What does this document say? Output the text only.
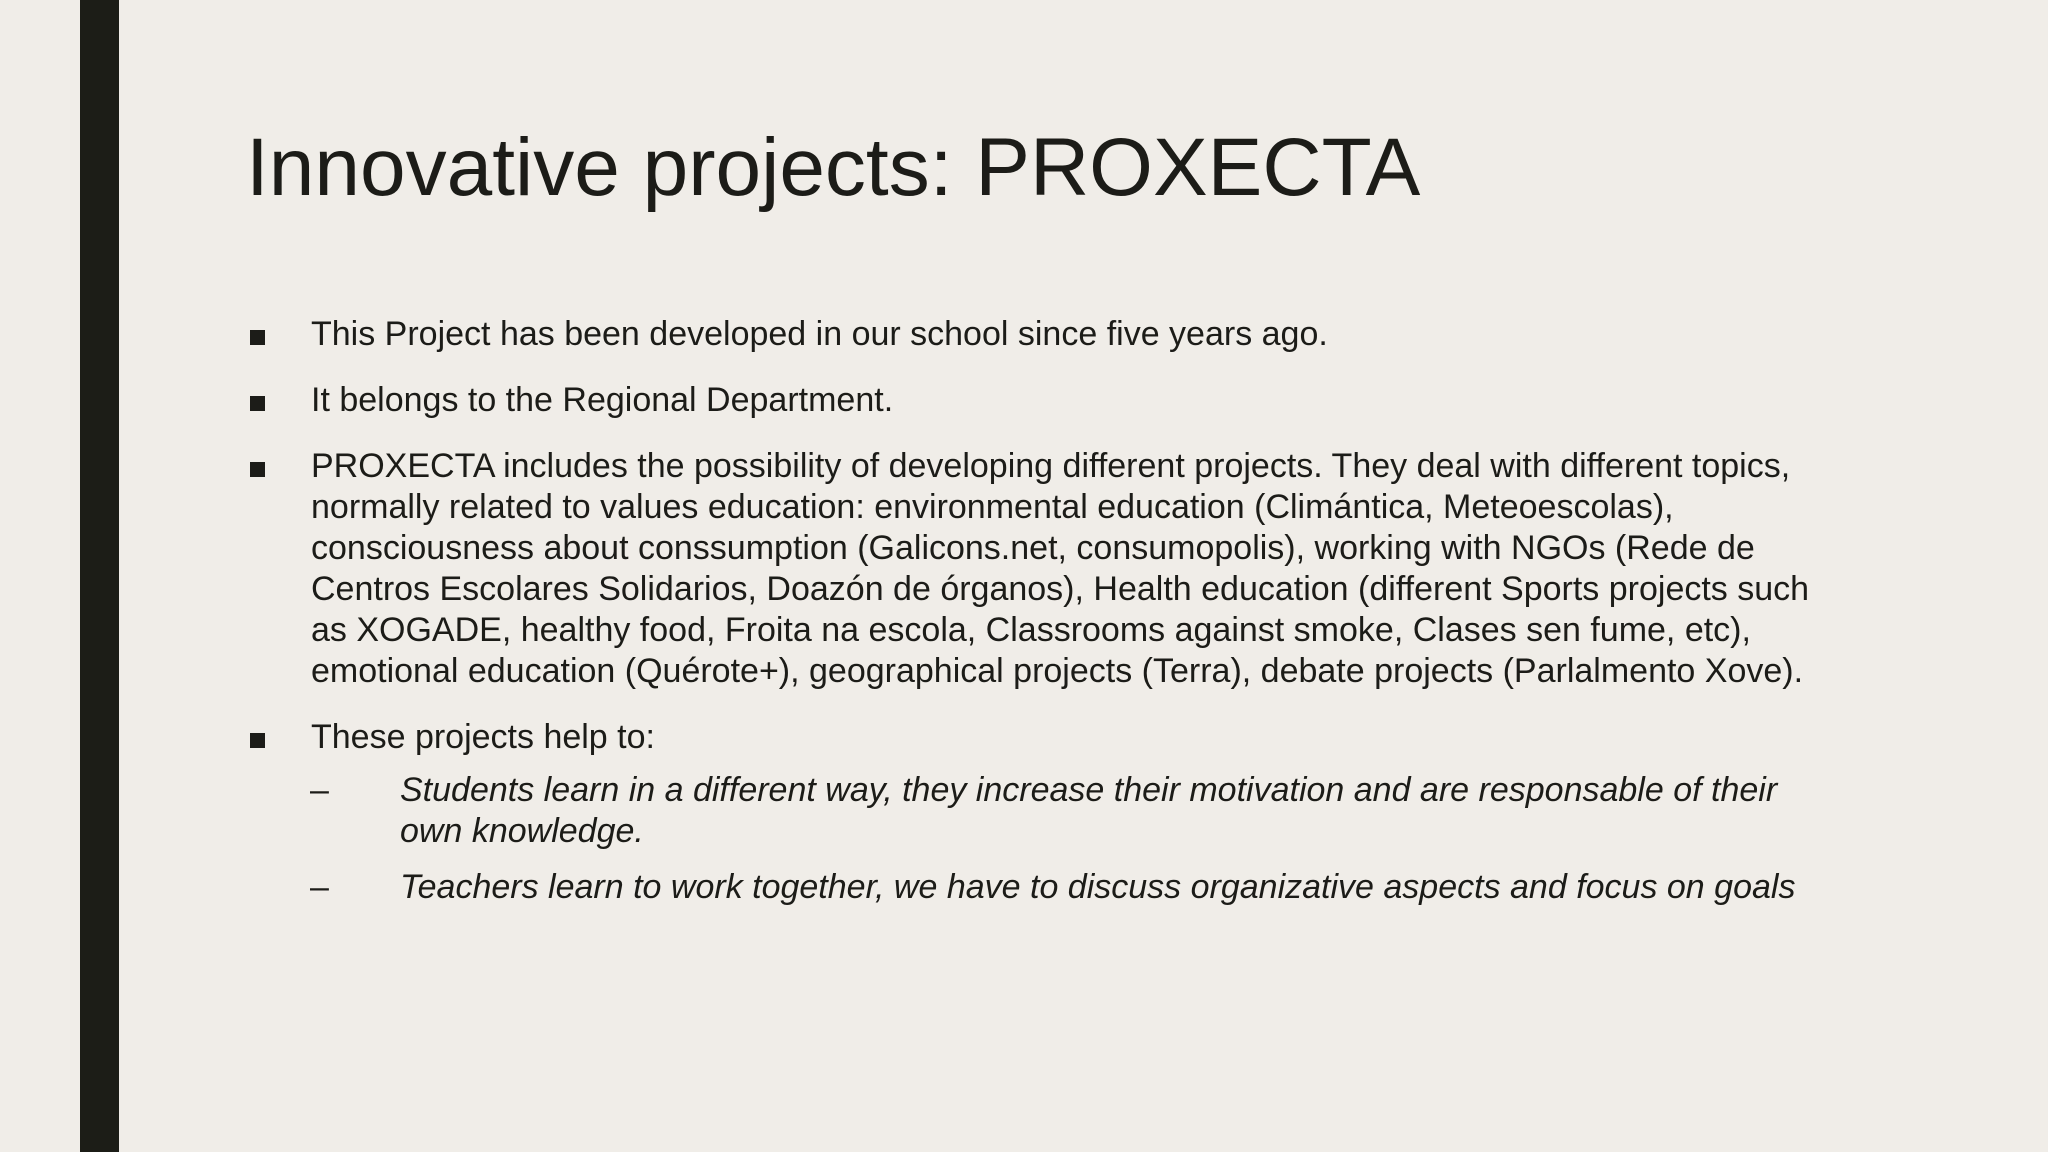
Innovative projects: PROXECTA
This Project has been developed in our school since five years ago.
It belongs to the Regional Department.
PROXECTA includes the possibility of developing different projects. They deal with different topics, normally related to values education: environmental education (Climántica, Meteoescolas), consciousness about conssumption (Galicons.net, consumopolis), working with NGOs (Rede de Centros Escolares Solidarios, Doazón de órganos), Health education (different Sports projects such as XOGADE, healthy food, Froita na escola, Classrooms against smoke, Clases sen fume, etc), emotional education (Quérote+), geographical projects (Terra), debate projects (Parlalmento Xove).
These projects help to:
– Students learn in a different way, they increase their motivation and are responsable of their own knowledge.
– Teachers learn to work together, we have to discuss organizative aspects and focus on goals
